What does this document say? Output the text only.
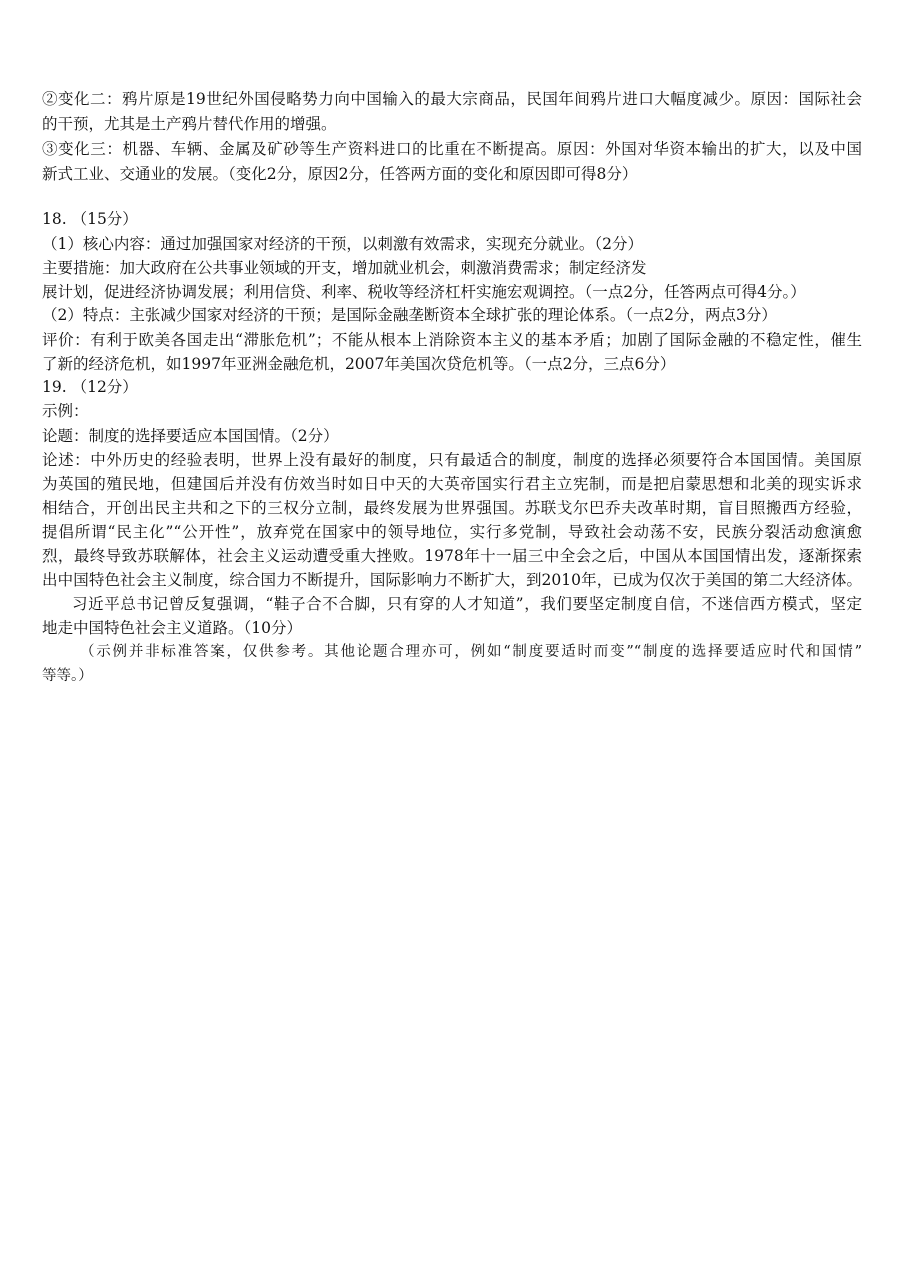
②变化二：鸦片原是19世纪外国侵略势力向中国输入的最大宗商品，民国年间鸦片进口大幅度减少。原因：国际社会
的干预，尤其是土产鸦片替代作用的增强。
③变化三：机器、车辆、金属及矿砂等生产资料进口的比重在不断提高。原因：外国对华资本输出的扩大，以及中国
新式工业、交通业的发展。（变化2分，原因2分，任答两方面的变化和原因即可得8分）
18. （15分）
（1）核心内容：通过加强国家对经济的干预，以刺激有效需求，实现充分就业。（2分）
主要措施：加大政府在公共事业领域的开支，增加就业机会，刺激消费需求；制定经济发
展计划，促进经济协调发展；利用信贷、利率、税收等经济杠杆实施宏观调控。（一点2分，任答两点可得4分。）
（2）特点：主张减少国家对经济的干预；是国际金融垄断资本全球扩张的理论体系。（一点2分，两点3分）
评价：有利于欧美各国走出“滞胀危机”；不能从根本上消除资本主义的基本矛盾；加剧了国际金融的不稳定性，催生
了新的经济危机，如1997年亚洲金融危机，2007年美国次贷危机等。（一点2分，三点6分）
19. （12分）
示例：
论题：制度的选择要适应本国国情。（2分）
论述：中外历史的经验表明，世界上没有最好的制度，只有最适合的制度，制度的选择必须要符合本国国情。美国原
为英国的殖民地，但建国后并没有仿效当时如日中天的大英帝国实行君主立宪制，而是把启蒙思想和北美的现实诉求
相结合，开创出民主共和之下的三权分立制，最终发展为世界强国。苏联戈尔巴乔夫改革时期，盲目照搬西方经验，
提倡所谓“民主化”“公开性”，放弃党在国家中的领导地位，实行多党制，导致社会动荡不安，民族分裂活动愈演愈
烈，最终导致苏联解体，社会主义运动遭受重大挫败。1978年十一届三中全会之后，中国从本国国情出发，逐渐探索
出中国特色社会主义制度，综合国力不断提升，国际影响力不断扩大，到2010年，已成为仅次于美国的第二大经济体。
习近平总书记曾反复强调，“鞋子合不合脚，只有穿的人才知道”，我们要坚定制度自信，不迷信西方模式，坚定
地走中国特色社会主义道路。（10分）
（示例并非标准答案，仅供参考。其他论题合理亦可，例如“制度要适时而变”“制度的选择要适应时代和国情”
等等。）
